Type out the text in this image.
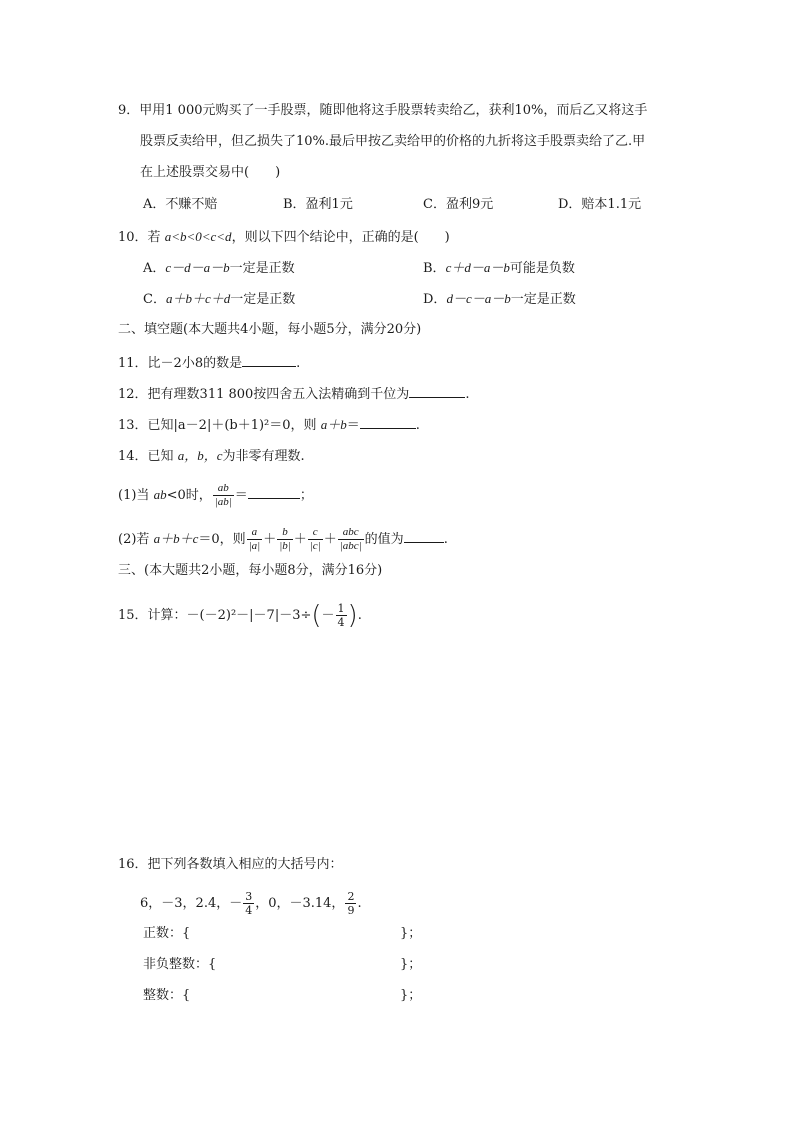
9．甲用1 000元购买了一手股票，随即他将这手股票转卖给乙，获利10%，而后乙又将这手
股票反卖给甲，但乙损失了10%.最后甲按乙卖给甲的价格的九折将这手股票卖给了乙.甲
在上述股票交易中(　　)
A．不赚不赔	B．盈利1元	C．盈利9元	D．赔本1.1元
10．若 a<b<0<c<d，则以下四个结论中，正确的是(　　)
A．c－d－a－b一定是正数	B．c＋d－a－b可能是负数
C．a＋b＋c＋d一定是正数	D．d－c－a－b一定是正数
二、填空题(本大题共4小题，每小题5分，满分20分)
11．比－2小8的数是	.
12．把有理数311 800按四舍五入法精确到千位为	.
13．已知|a－2|＋(b＋1)²＝0，则 a＋b＝	.
14．已知 a，b，c为非零有理数.
(1)当 ab<0时， $\frac{ab}{|ab|}$ ＝	；
(2)若 a＋b＋c＝0，则 $\frac{a}{|a|} + \frac{b}{|b|} + \frac{c}{|c|} + \frac{\text{abc}}{\text{|abc|}}$ 的值为	.
三、(本大题共2小题，每小题8分，满分16分)
15．计算：$-(-2)^2-|-7|-3\div(- \frac{1}{4}$ ).
16．把下列各数填入相应的大括号内：
6，－3，2.4，－ $\frac{3}{4}$ ，0，－3.14， $\frac{2}{9}$ .
正数：{	}；
非负整数：{	}；
整数：{	}；
